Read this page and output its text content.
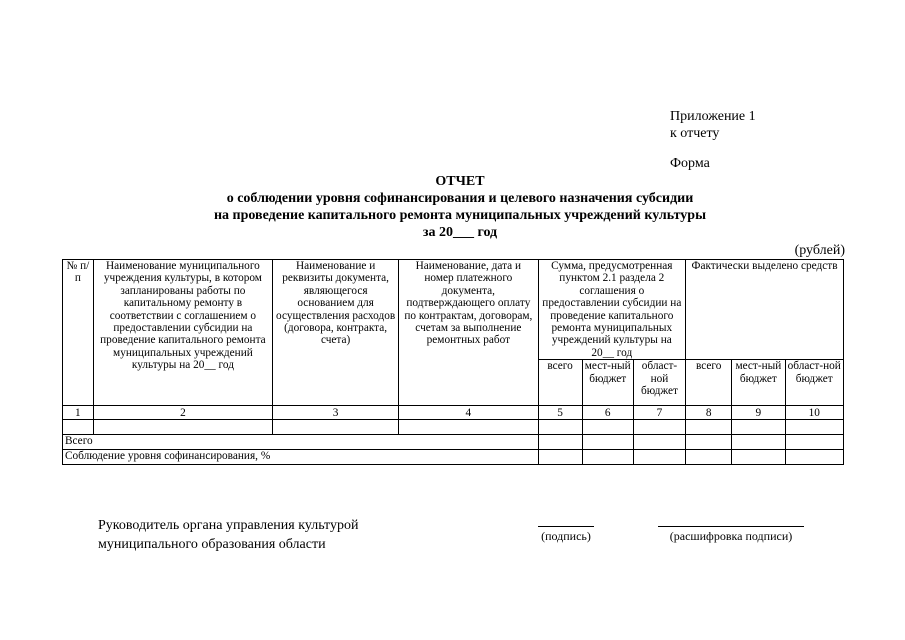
Приложение 1
к отчету
Форма
ОТЧЕТ
о соблюдении уровня софинансирования и целевого назначения субсидии
на проведение капитального ремонта муниципальных учреждений культуры
за 20___ год
(рублей)
№ п/п	Наименование муниципального учреждения культуры, в котором запланированы работы по капитальному ремонту в соответствии с соглашением о предоставлении субсидии на проведение капитального ремонта муниципальных учреждений культуры на 20__ год	Наименование и реквизиты документа, являющегося основанием для осуществления расходов (договора, контракта, счета)	Наименование, дата и номер платежного документа, подтверждающего оплату по контрактам, договорам, счетам за выполнение ремонтных работ	Сумма, предусмотренная пунктом 2.1 раздела 2 соглашения о предоставлении субсидии на проведение капитального ремонта муниципальных учреждений культуры на 20__ год			Фактически выделено средств		
				всего	мест-ный бюджет	област-ной бюджет	всего	мест-ный бюджет	област-ной бюджет
1	2	3	4	5	6	7	8	9	10

Всего									
Соблюдение уровня софинансирования, %									
Руководитель органа управления культурой
муниципального образования области
(подпись)	(расшифровка подписи)
